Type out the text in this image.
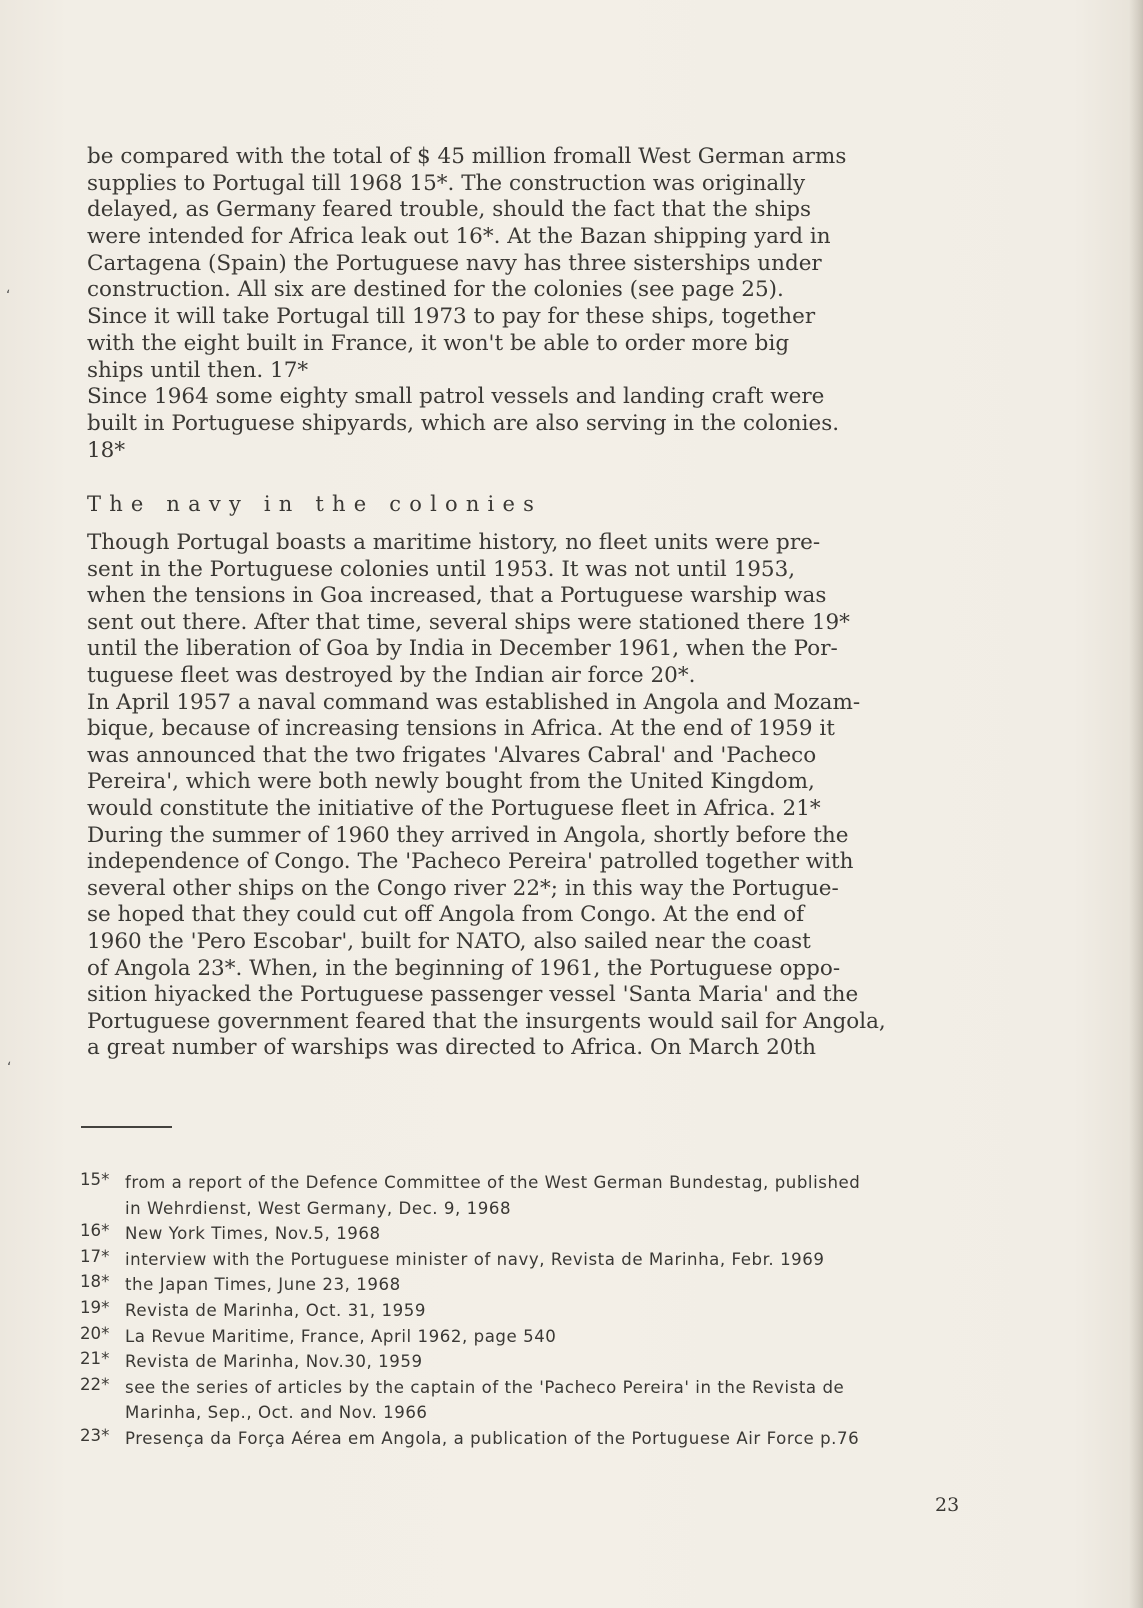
ʻ
ʻ
be compared with the total of $ 45 million fromall West German arms
supplies to Portugal till 1968 15*. The construction was originally
delayed, as Germany feared trouble, should the fact that the ships
were intended for Africa leak out 16*. At the Bazan shipping yard in
Cartagena (Spain) the Portuguese navy has three sisterships under
construction. All six are destined for the colonies (see page 25).
Since it will take Portugal till 1973 to pay for these ships, together
with the eight built in France, it won't be able to order more big
ships until then. 17*
Since 1964 some eighty small patrol vessels and landing craft were
built in Portuguese shipyards, which are also serving in the colonies.
18*
The navy in the colonies
Though Portugal boasts a maritime history, no fleet units were pre-
sent in the Portuguese colonies until 1953. It was not until 1953,
when the tensions in Goa increased, that a Portuguese warship was
sent out there. After that time, several ships were stationed there 19*
until the liberation of Goa by India in December 1961, when the Por-
tuguese fleet was destroyed by the Indian air force 20*.
In April 1957 a naval command was established in Angola and Mozam-
bique, because of increasing tensions in Africa. At the end of 1959 it
was announced that the two frigates 'Alvares Cabral' and 'Pacheco
Pereira', which were both newly bought from the United Kingdom,
would constitute the initiative of the Portuguese fleet in Africa. 21*
During the summer of 1960 they arrived in Angola, shortly before the
independence of Congo. The 'Pacheco Pereira' patrolled together with
several other ships on the Congo river 22*; in this way the Portugue-
se hoped that they could cut off Angola from Congo. At the end of
1960 the 'Pero Escobar', built for NATO, also sailed near the coast
of Angola 23*. When, in the beginning of 1961, the Portuguese oppo-
sition hiyacked the Portuguese passenger vessel 'Santa Maria' and the
Portuguese government feared that the insurgents would sail for Angola,
a great number of warships was directed to Africa. On March 20th
15* from a report of the Defence Committee of the West German Bundestag, published
in Wehrdienst, West Germany, Dec. 9, 1968
16* New York Times, Nov.5, 1968
17* interview with the Portuguese minister of navy, Revista de Marinha, Febr. 1969
18* the Japan Times, June 23, 1968
19* Revista de Marinha, Oct. 31, 1959
20* La Revue Maritime, France, April 1962, page 540
21* Revista de Marinha, Nov.30, 1959
22* see the series of articles by the captain of the 'Pacheco Pereira' in the Revista de
Marinha, Sep., Oct. and Nov. 1966
23* Presença da Força Aérea em Angola, a publication of the Portuguese Air Force p.76
23
